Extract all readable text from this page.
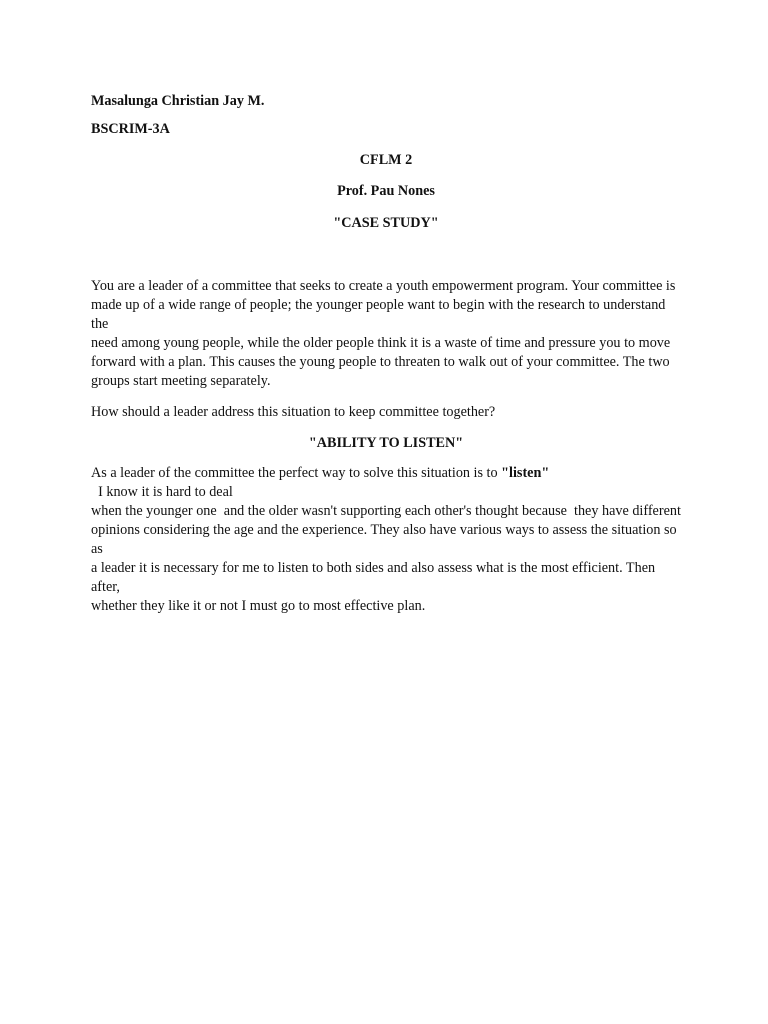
Masalunga Christian Jay M.

BSCRIM-3A

CFLM 2

Prof. Pau Nones

"CASE STUDY"

You are a leader of a committee that seeks to create a youth empowerment program. Your committee is
made up of a wide range of people; the younger people want to begin with the research to understand the
need among young people, while the older people think it is a waste of time and pressure you to move
forward with a plan. This causes the young people to threaten to walk out of your committee. The two
groups start meeting separately.

How should a leader address this situation to keep committee together?

"ABILITY TO LISTEN"

As a leader of the committee the perfect way to solve this situation is to "listen"  I know it is hard to deal
when the younger one  and the older wasn't supporting each other's thought because  they have different
opinions considering the age and the experience. They also have various ways to assess the situation so as
a leader it is necessary for me to listen to both sides and also assess what is the most efficient. Then after,
whether they like it or not I must go to most effective plan.
